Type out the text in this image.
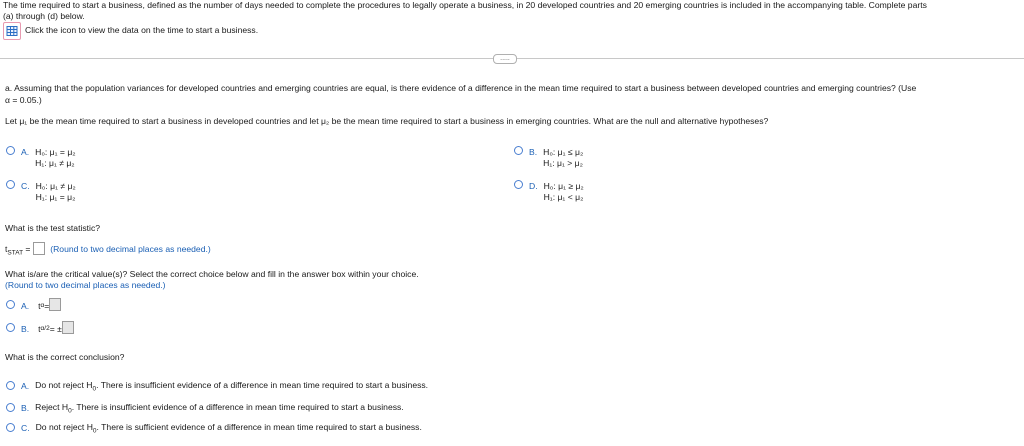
The time required to start a business, defined as the number of days needed to complete the procedures to legally operate a business, in 20 developed countries and 20 emerging countries is included in the accompanying table. Complete parts
(a) through (d) below.
Click the icon to view the data on the time to start a business.
.....
a. Assuming that the population variances for developed countries and emerging countries are equal, is there evidence of a difference in the mean time required to start a business between developed countries and emerging countries? (Use
α = 0.05.)
Let μ₁ be the mean time required to start a business in developed countries and let μ₂ be the mean time required to start a business in emerging countries. What are the null and alternative hypotheses?
A. H₀: μ₁ = μ₂
H₁: μ₁ ≠ μ₂
B. H₀: μ₁ ≤ μ₂
H₁: μ₁ > μ₂
C. H₀: μ₁ ≠ μ₂
H₁: μ₁ = μ₂
D. H₀: μ₁ ≥ μ₂
H₁: μ₁ < μ₂
What is the test statistic?
$t_{STAT}$ =  (Round to two decimal places as needed.)
What is/are the critical value(s)? Select the correct choice below and fill in the answer box within your choice.
(Round to two decimal places as needed.)
A. t α =
B. t α/2 = ±
What is the correct conclusion?
A. Do not reject $H_0$. There is insufficient evidence of a difference in mean time required to start a business.
B. Reject $H_0$. There is insufficient evidence of a difference in mean time required to start a business.
C. Do not reject $H_0$. There is sufficient evidence of a difference in mean time required to start a business.
